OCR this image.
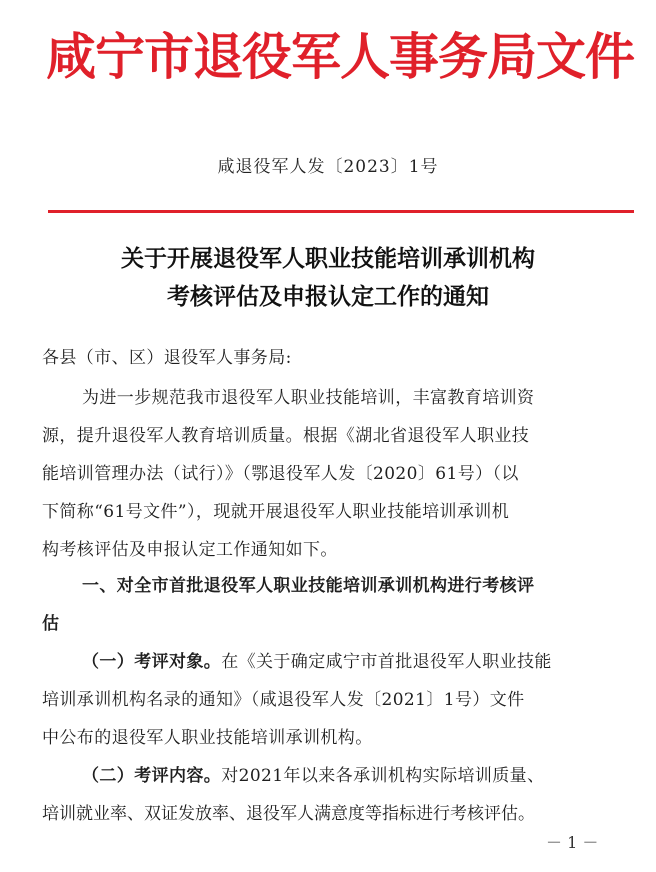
咸宁市退役军人事务局文件
咸退役军人发〔2023〕1号
关于开展退役军人职业技能培训承训机构
考核评估及申报认定工作的通知
各县（市、区）退役军人事务局:
为进一步规范我市退役军人职业技能培训，丰富教育培训资
源，提升退役军人教育培训质量。根据《湖北省退役军人职业技
能培训管理办法（试行）》（鄂退役军人发〔2020〕61号）（以
下简称“61号文件”），现就开展退役军人职业技能培训承训机
构考核评估及申报认定工作通知如下。
一、对全市首批退役军人职业技能培训承训机构进行考核评
估
（一）考评对象。在《关于确定咸宁市首批退役军人职业技能
培训承训机构名录的通知》（咸退役军人发〔2021〕1号）文件
中公布的退役军人职业技能培训承训机构。
（二）考评内容。对2021年以来各承训机构实际培训质量、
培训就业率、双证发放率、退役军人满意度等指标进行考核评估。
－ 1 －
